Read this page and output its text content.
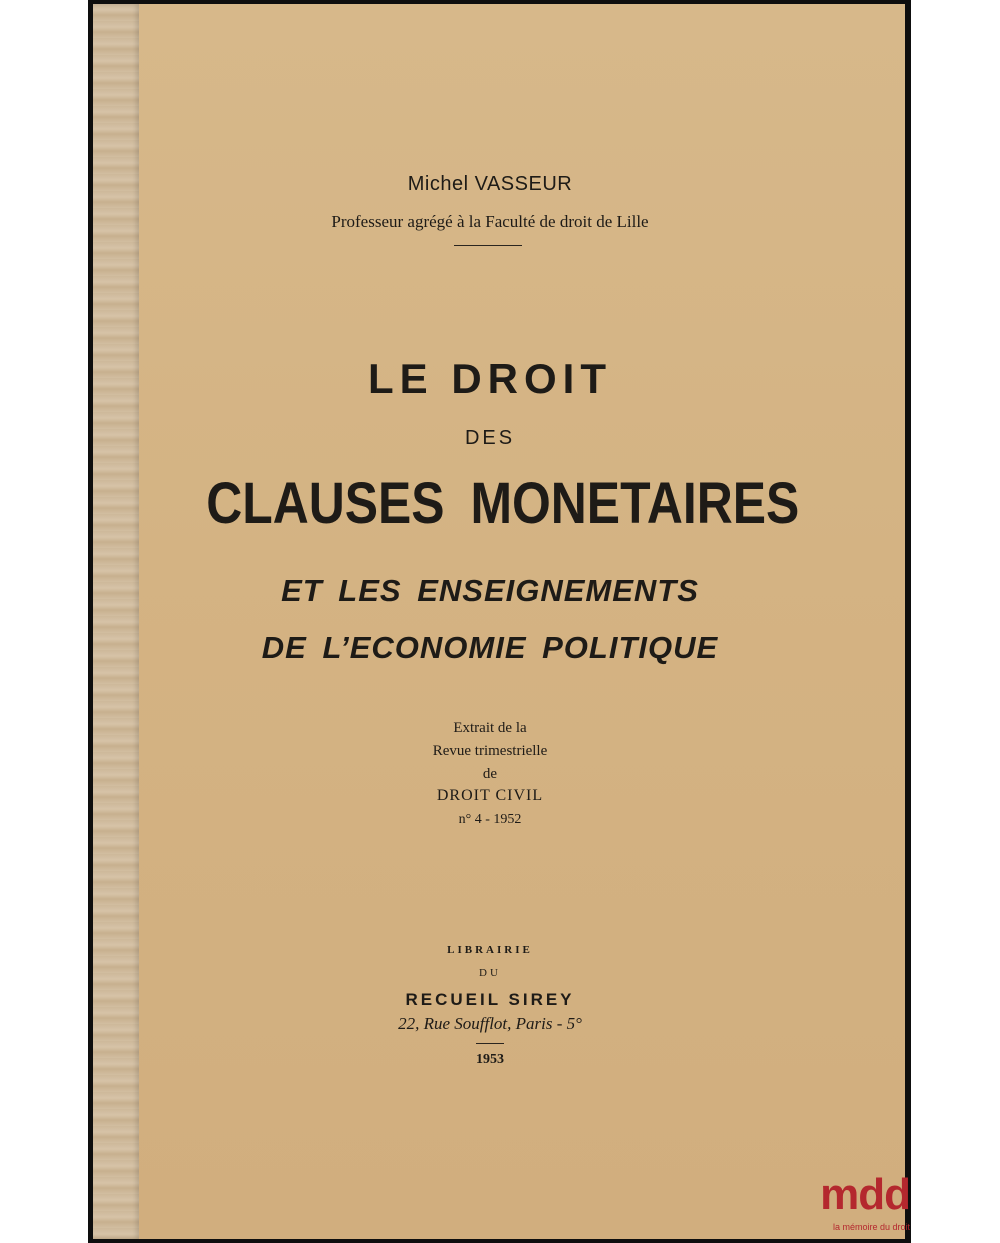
Michel VASSEUR
Professeur agrégé à la Faculté de droit de Lille
LE DROIT
DES
CLAUSES MONETAIRES
ET LES ENSEIGNEMENTS
DE L’ECONOMIE POLITIQUE
Extrait de la
Revue trimestrielle
de
DROIT CIVIL
n° 4 - 1952
LIBRAIRIE
DU
RECUEIL SIREY
22, Rue Soufflot, Paris - 5°
1953
mdd
la mémoire du droit
